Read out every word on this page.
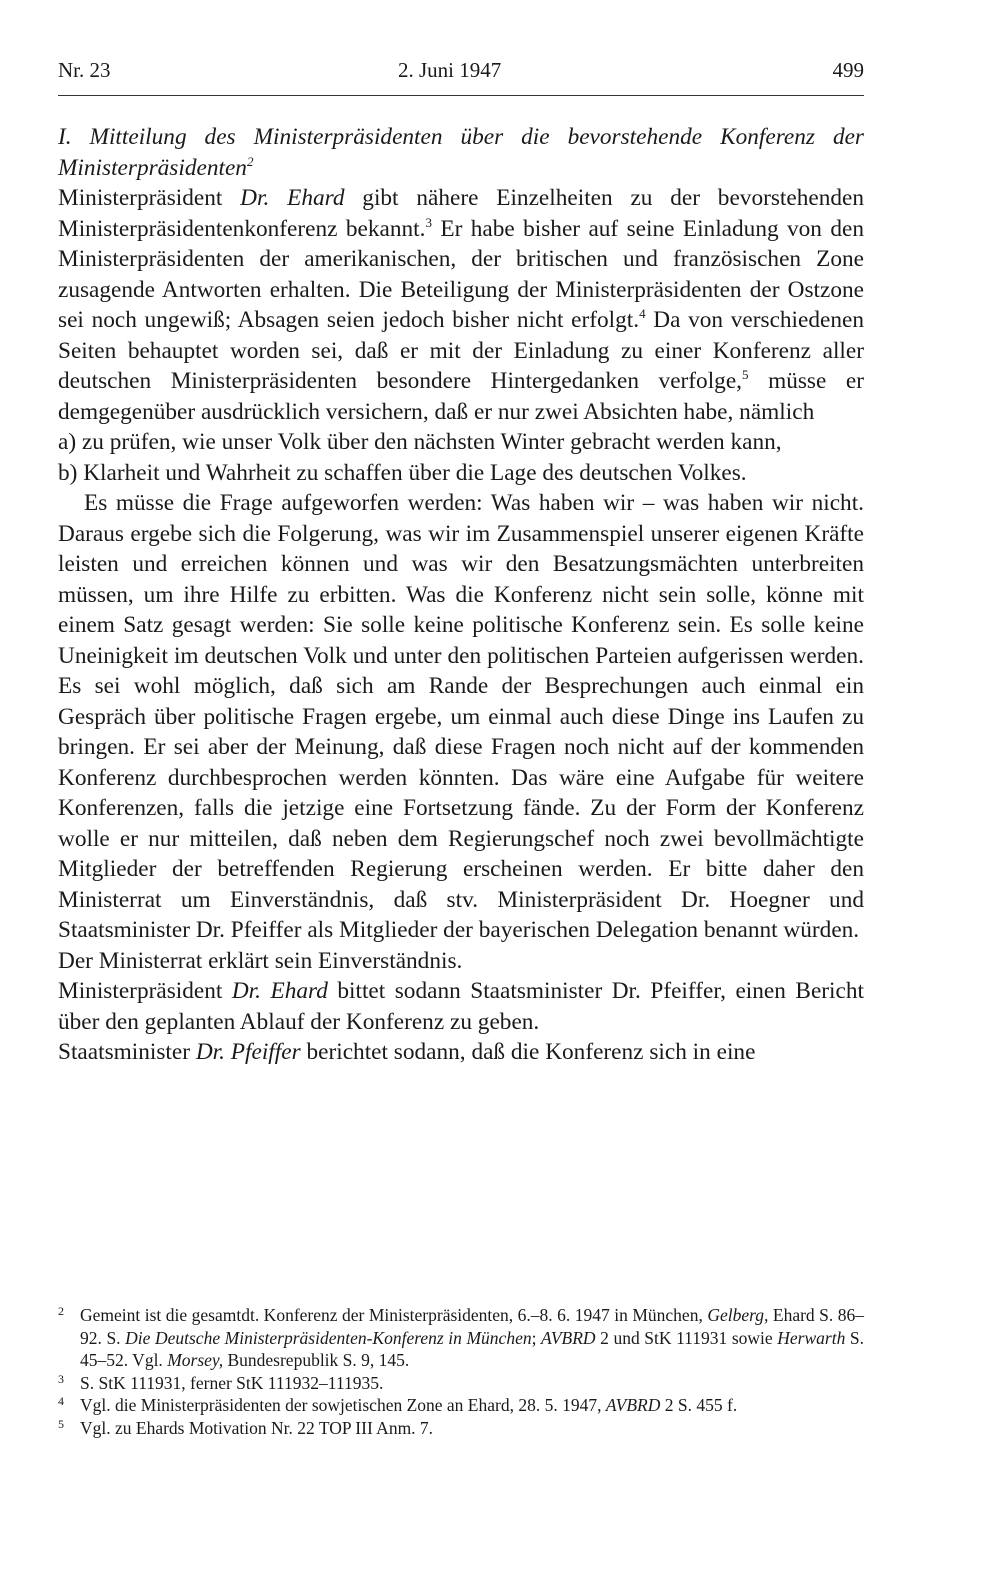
Nr. 23	2. Juni 1947	499

I. Mitteilung des Ministerpräsidenten über die bevorstehende Konferenz der Ministerpräsidenten$^2$

Ministerpräsident Dr. Ehard gibt nähere Einzelheiten zu der bevorstehenden Ministerpräsidentenkonferenz bekannt.$^3$ Er habe bisher auf seine Einladung von den Ministerpräsidenten der amerikanischen, der britischen und französischen Zone zusagende Antworten erhalten. Die Beteiligung der Ministerpräsidenten der Ostzone sei noch ungewiß; Absagen seien jedoch bisher nicht erfolgt.$^4$ Da von verschiedenen Seiten behauptet worden sei, daß er mit der Einladung zu einer Konferenz aller deutschen Ministerpräsidenten besondere Hintergedanken verfolge,$^5$ müsse er demgegenüber ausdrücklich versichern, daß er nur zwei Absichten habe, nämlich

a) zu prüfen, wie unser Volk über den nächsten Winter gebracht werden kann,

b) Klarheit und Wahrheit zu schaffen über die Lage des deutschen Volkes.

Es müsse die Frage aufgeworfen werden: Was haben wir – was haben wir nicht. Daraus ergebe sich die Folgerung, was wir im Zusammenspiel unserer eigenen Kräfte leisten und erreichen können und was wir den Besatzungsmächten unterbreiten müssen, um ihre Hilfe zu erbitten. Was die Konferenz nicht sein solle, könne mit einem Satz gesagt werden: Sie solle keine politische Konferenz sein. Es solle keine Uneinigkeit im deutschen Volk und unter den politischen Parteien aufgerissen werden. Es sei wohl möglich, daß sich am Rande der Besprechungen auch einmal ein Gespräch über politische Fragen ergebe, um einmal auch diese Dinge ins Laufen zu bringen. Er sei aber der Meinung, daß diese Fragen noch nicht auf der kommenden Konferenz durchbesprochen werden könnten. Das wäre eine Aufgabe für weitere Konferenzen, falls die jetzige eine Fortsetzung fände. Zu der Form der Konferenz wolle er nur mitteilen, daß neben dem Regierungschef noch zwei bevollmächtigte Mitglieder der betreffenden Regierung erscheinen werden. Er bitte daher den Ministerrat um Einverständnis, daß stv. Ministerpräsident Dr. Hoegner und Staatsminister Dr. Pfeiffer als Mitglieder der bayerischen Delegation benannt würden.

Der Ministerrat erklärt sein Einverständnis.

Ministerpräsident Dr. Ehard bittet sodann Staatsminister Dr. Pfeiffer, einen Bericht über den geplanten Ablauf der Konferenz zu geben.

Staatsminister Dr. Pfeiffer berichtet sodann, daß die Konferenz sich in eine

2 Gemeint ist die gesamtdt. Konferenz der Ministerpräsidenten, 6.–8. 6. 1947 in München, Gelberg, Ehard S. 86–92. S. Die Deutsche Ministerpräsidenten-Konferenz in München; AVBRD 2 und StK 111931 sowie Herwarth S. 45–52. Vgl. Morsey, Bundesrepublik S. 9, 145.

3 S. StK 111931, ferner StK 111932–111935.

4 Vgl. die Ministerpräsidenten der sowjetischen Zone an Ehard, 28. 5. 1947, AVBRD 2 S. 455 f.

5 Vgl. zu Ehards Motivation Nr. 22 TOP III Anm. 7.
